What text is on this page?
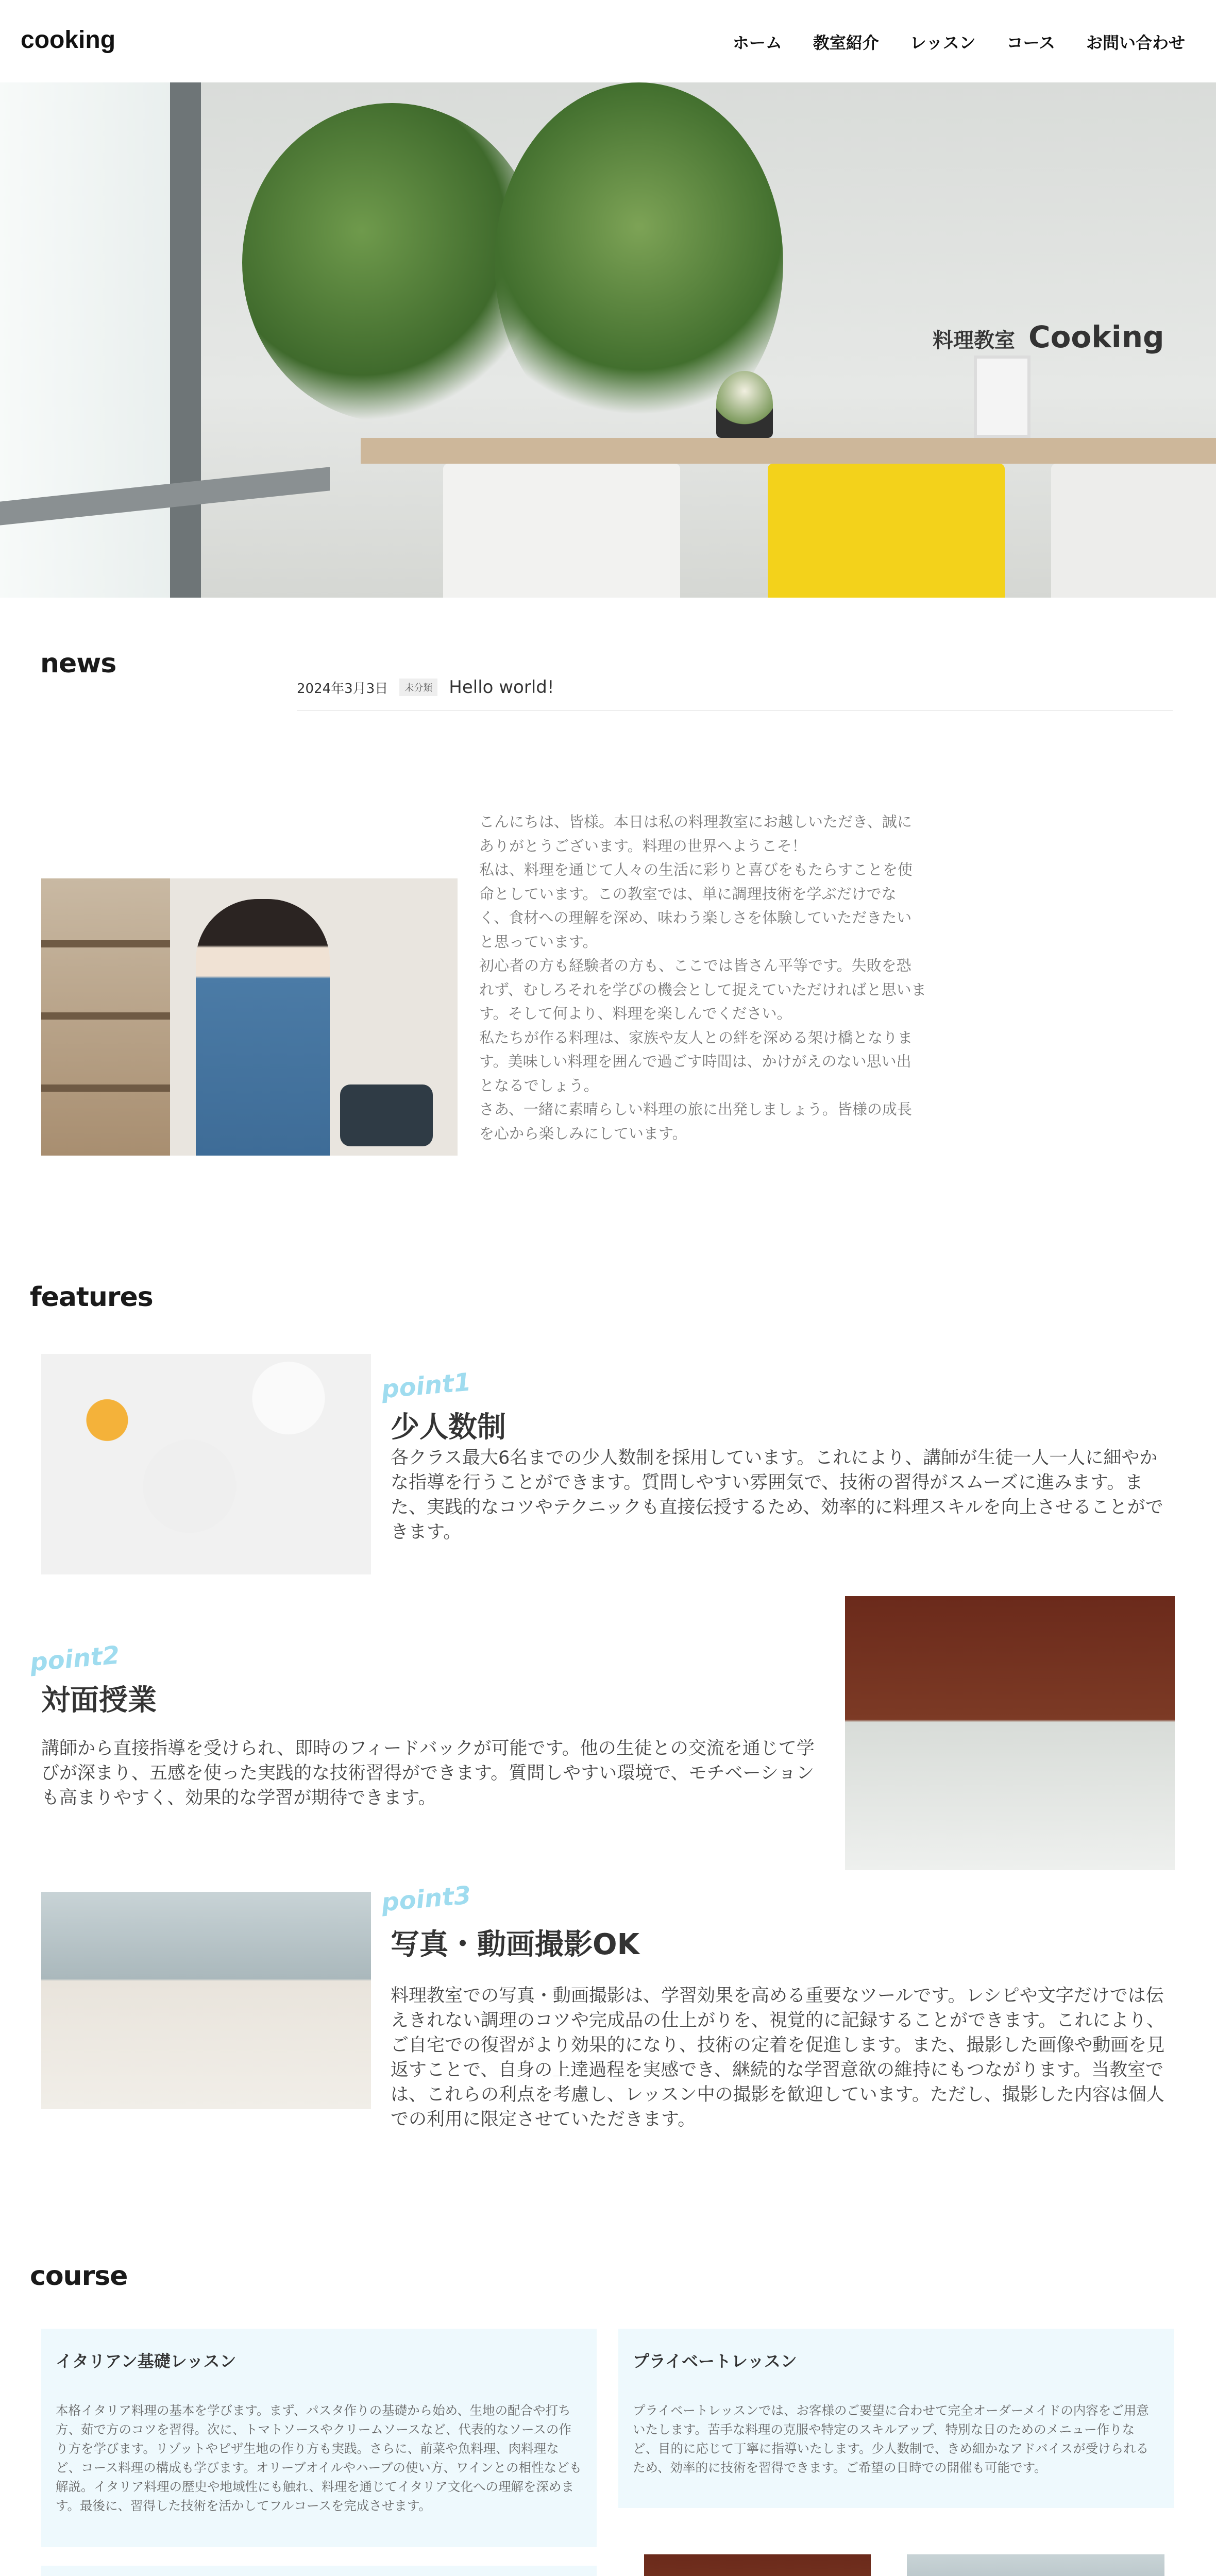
cooking	ホーム 教室紹介 レッスン コース お問い合わせ
料理教室 Cooking
news
2024年3月3日	未分類 Hello world!

こんにちは、皆様。本日は私の料理教室にお越しいただき、誠に

ありがとうございます。料理の世界へようこそ！

私は、料理を通じて人々の生活に彩りと喜びをもたらすことを使

命としています。この教室では、単に調理技術を学ぶだけでな

く、食材への理解を深め、味わう楽しさを体験していただきたい

と思っています。

初心者の方も経験者の方も、ここでは皆さん平等です。失敗を恐

れず、むしろそれを学びの機会として捉えていただければと思いま

す。そして何より、料理を楽しんでください。

私たちが作る料理は、家族や友人との絆を深める架け橋となりま

す。美味しい料理を囲んで過ごす時間は、かけがえのない思い出

となるでしょう。

さあ、一緒に素晴らしい料理の旅に出発しましょう。皆様の成長

を心から楽しみにしています。

features
point1
少人数制
各クラス最大6名までの少人数制を採用しています。これにより、講師が生徒一人一人に細やかな指導を行うことができます。質問しやすい雰囲気で、技術の習得がスムーズに進みます。また、実践的なコツやテクニックも直接伝授するため、効率的に料理スキルを向上させることができます。
point2
対面授業
講師から直接指導を受けられ、即時のフィードバックが可能です。他の生徒との交流を通じて学びが深まり、五感を使った実践的な技術習得ができます。質問しやすい環境で、モチベーションも高まりやすく、効果的な学習が期待できます。
point3
写真・動画撮影OK
料理教室での写真・動画撮影は、学習効果を高める重要なツールです。レシピや文字だけでは伝えきれない調理のコツや完成品の仕上がりを、視覚的に記録することができます。これにより、ご自宅での復習がより効果的になり、技術の定着を促進します。また、撮影した画像や動画を見返すことで、自身の上達過程を実感でき、継続的な学習意欲の維持にもつながります。当教室では、これらの利点を考慮し、レッスン中の撮影を歓迎しています。ただし、撮影した内容は個人での利用に限定させていただきます。
course
イタリアン基礎レッスン
本格イタリア料理の基本を学びます。まず、パスタ作りの基礎から始め、生地の配合や打ち方、茹で方のコツを習得。次に、トマトソースやクリームソースなど、代表的なソースの作り方を学びます。リゾットやピザ生地の作り方も実践。さらに、前菜や魚料理、肉料理など、コース料理の構成も学びます。オリーブオイルやハーブの使い方、ワインとの相性なども解説。イタリア料理の歴史や地域性にも触れ、料理を通じてイタリア文化への理解を深めます。最後に、習得した技術を活かしてフルコースを完成させます。
プライベートレッスン
プライベートレッスンでは、お客様のご要望に合わせて完全オーダーメイドの内容をご用意いたします。苦手な料理の克服や特定のスキルアップ、特別な日のためのメニュー作りなど、目的に応じて丁寧に指導いたします。少人数制で、きめ細かなアドバイスが受けられるため、効率的に技術を習得できます。ご希望の日時での開催も可能です。
